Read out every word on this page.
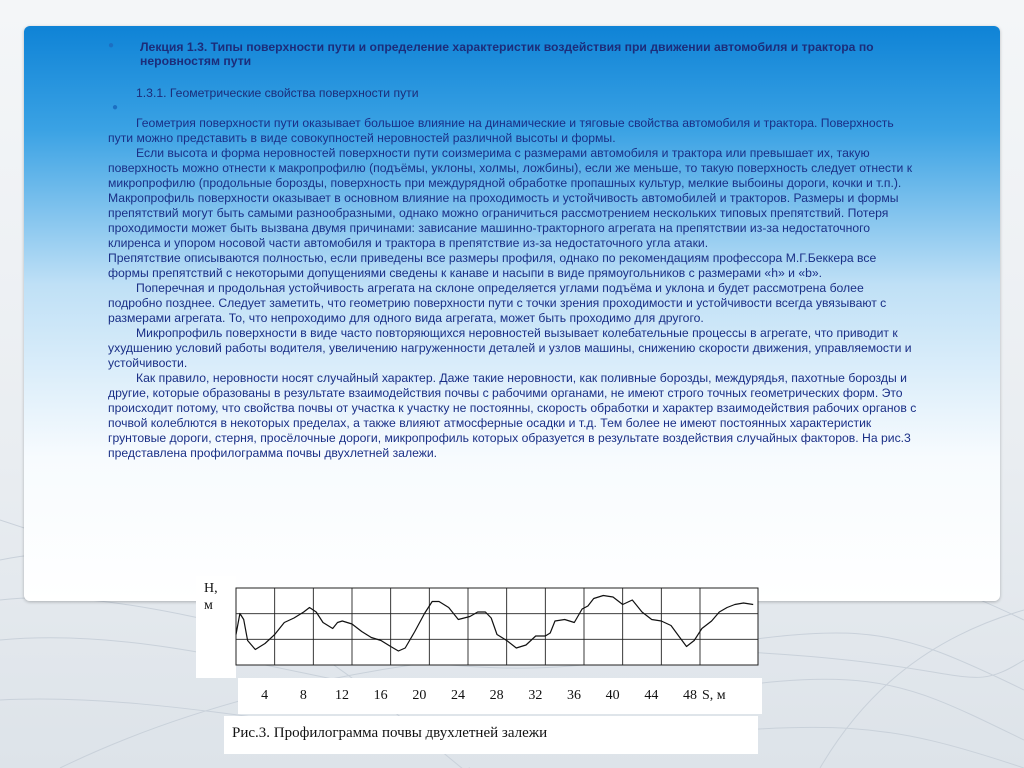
● Лекция 1.3. Типы поверхности пути и определение характеристик воздействия при движении автомобиля и трактора по неровностям пути
1.3.1. Геометрические свойства поверхности пути
●

Геометрия поверхности пути оказывает большое влияние на динамические и тяговые свойства автомобиля и трактора. Поверхность пути можно представить в виде совокупностей неровностей различной высоты и формы.

Если высота и форма неровностей поверхности пути соизмерима с размерами автомобиля и трактора или превышает их, такую поверхность можно отнести к макропрофилю (подъёмы, уклоны, холмы, ложбины), если же меньше, то такую поверхность следует отнести к микропрофилю (продольные борозды, поверхность при междурядной обработке пропашных культур, мелкие выбоины дороги, кочки и т.п.). Макропрофиль поверхности оказывает в основном влияние на проходимость и устойчивость автомобилей и тракторов. Размеры и формы препятствий могут быть самыми разнообразными, однако можно ограничиться рассмотрением нескольких типовых препятствий. Потеря проходимости может быть вызвана двумя причинами: зависание машинно-тракторного агрегата на препятствии из-за недостаточного клиренса и упором носовой части автомобиля и трактора в препятствие из-за недостаточного угла атаки.

Препятствие описываются полностью, если приведены все размеры профиля, однако по рекомендациям профессора М.Г.Беккера все формы препятствий с некоторыми допущениями сведены к канаве и насыпи в виде прямоугольников с размерами «h» и «b».

Поперечная и продольная устойчивость агрегата на склоне определяется углами подъёма и уклона и будет рассмотрена более подробно позднее. Следует заметить, что геометрию поверхности пути с точки зрения проходимости и устойчивости всегда увязывают с размерами агрегата. То, что непроходимо для одного вида агрегата, может быть проходимо для другого.

Микропрофиль поверхности в виде часто повторяющихся неровностей вызывает колебательные процессы в агрегате, что приводит к ухудшению условий работы водителя, увеличению нагруженности деталей и узлов машины, снижению скорости движения, управляемости и устойчивости.

Как правило, неровности носят случайный характер. Даже такие неровности, как поливные борозды, междурядья, пахотные борозды и другие, которые образованы в результате взаимодействия почвы с рабочими органами, не имеют строго точных геометрических форм. Это происходит потому, что свойства почвы от участка к участку не постоянны, скорость обработки и характер взаимодействия рабочих органов с почвой колеблются в некоторых пределах, а также влияют атмосферные осадки и т.д. Тем более не имеют постоянных характеристик грунтовые дороги, стерня, просёлочные дороги, микропрофиль которых образуется в результате воздействия случайных факторов. На рис.3 представлена профилограмма почвы двухлетней залежи.

H,
м
S, м
4 8 12 16 20 24 28 32 36 40 44 48
Рис.3. Профилограмма почвы двухлетней залежи
